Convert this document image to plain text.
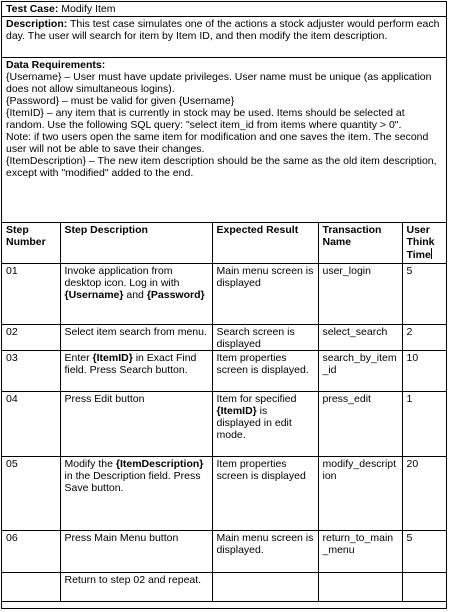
Test Case: Modify Item
Description: This test case simulates one of the actions a stock adjuster would perform each day. The user will search for item by Item ID, and then modify the item description.
Data Requirements:
{Username} – User must have update privileges. User name must be unique (as application does not allow simultaneous logins).
{Password} – must be valid for given {Username}
{ItemID} – any item that is currently in stock may be used. Items should be selected at random. Use the following SQL query: "select item_id from items where quantity > 0".
Note: if two users open the same item for modification and one saves the item. The second user will not be able to save their changes.
{ItemDescription} – The new item description should be the same as the old item description, except with "modified" added to the end.
Step Number	Step Description	Expected Result	Transaction Name	User Think Time
01	Invoke application from desktop icon. Log in with {Username} and {Password}	Main menu screen is displayed	user_login	5
02	Select item search from menu.	Search screen is displayed	select_search	2
03	Enter {ItemID} in Exact Find field. Press Search button.	Item properties screen is displayed.	search_by_item_id	10
04	Press Edit button	Item for specified {ItemID} is displayed in edit mode.	press_edit	1
05	Modify the {ItemDescription} in the Description field. Press Save button.	Item properties screen is displayed	modify_description	20
06	Press Main Menu button	Main menu screen is displayed.	return_to_main_menu	5
	Return to step 02 and repeat.			
